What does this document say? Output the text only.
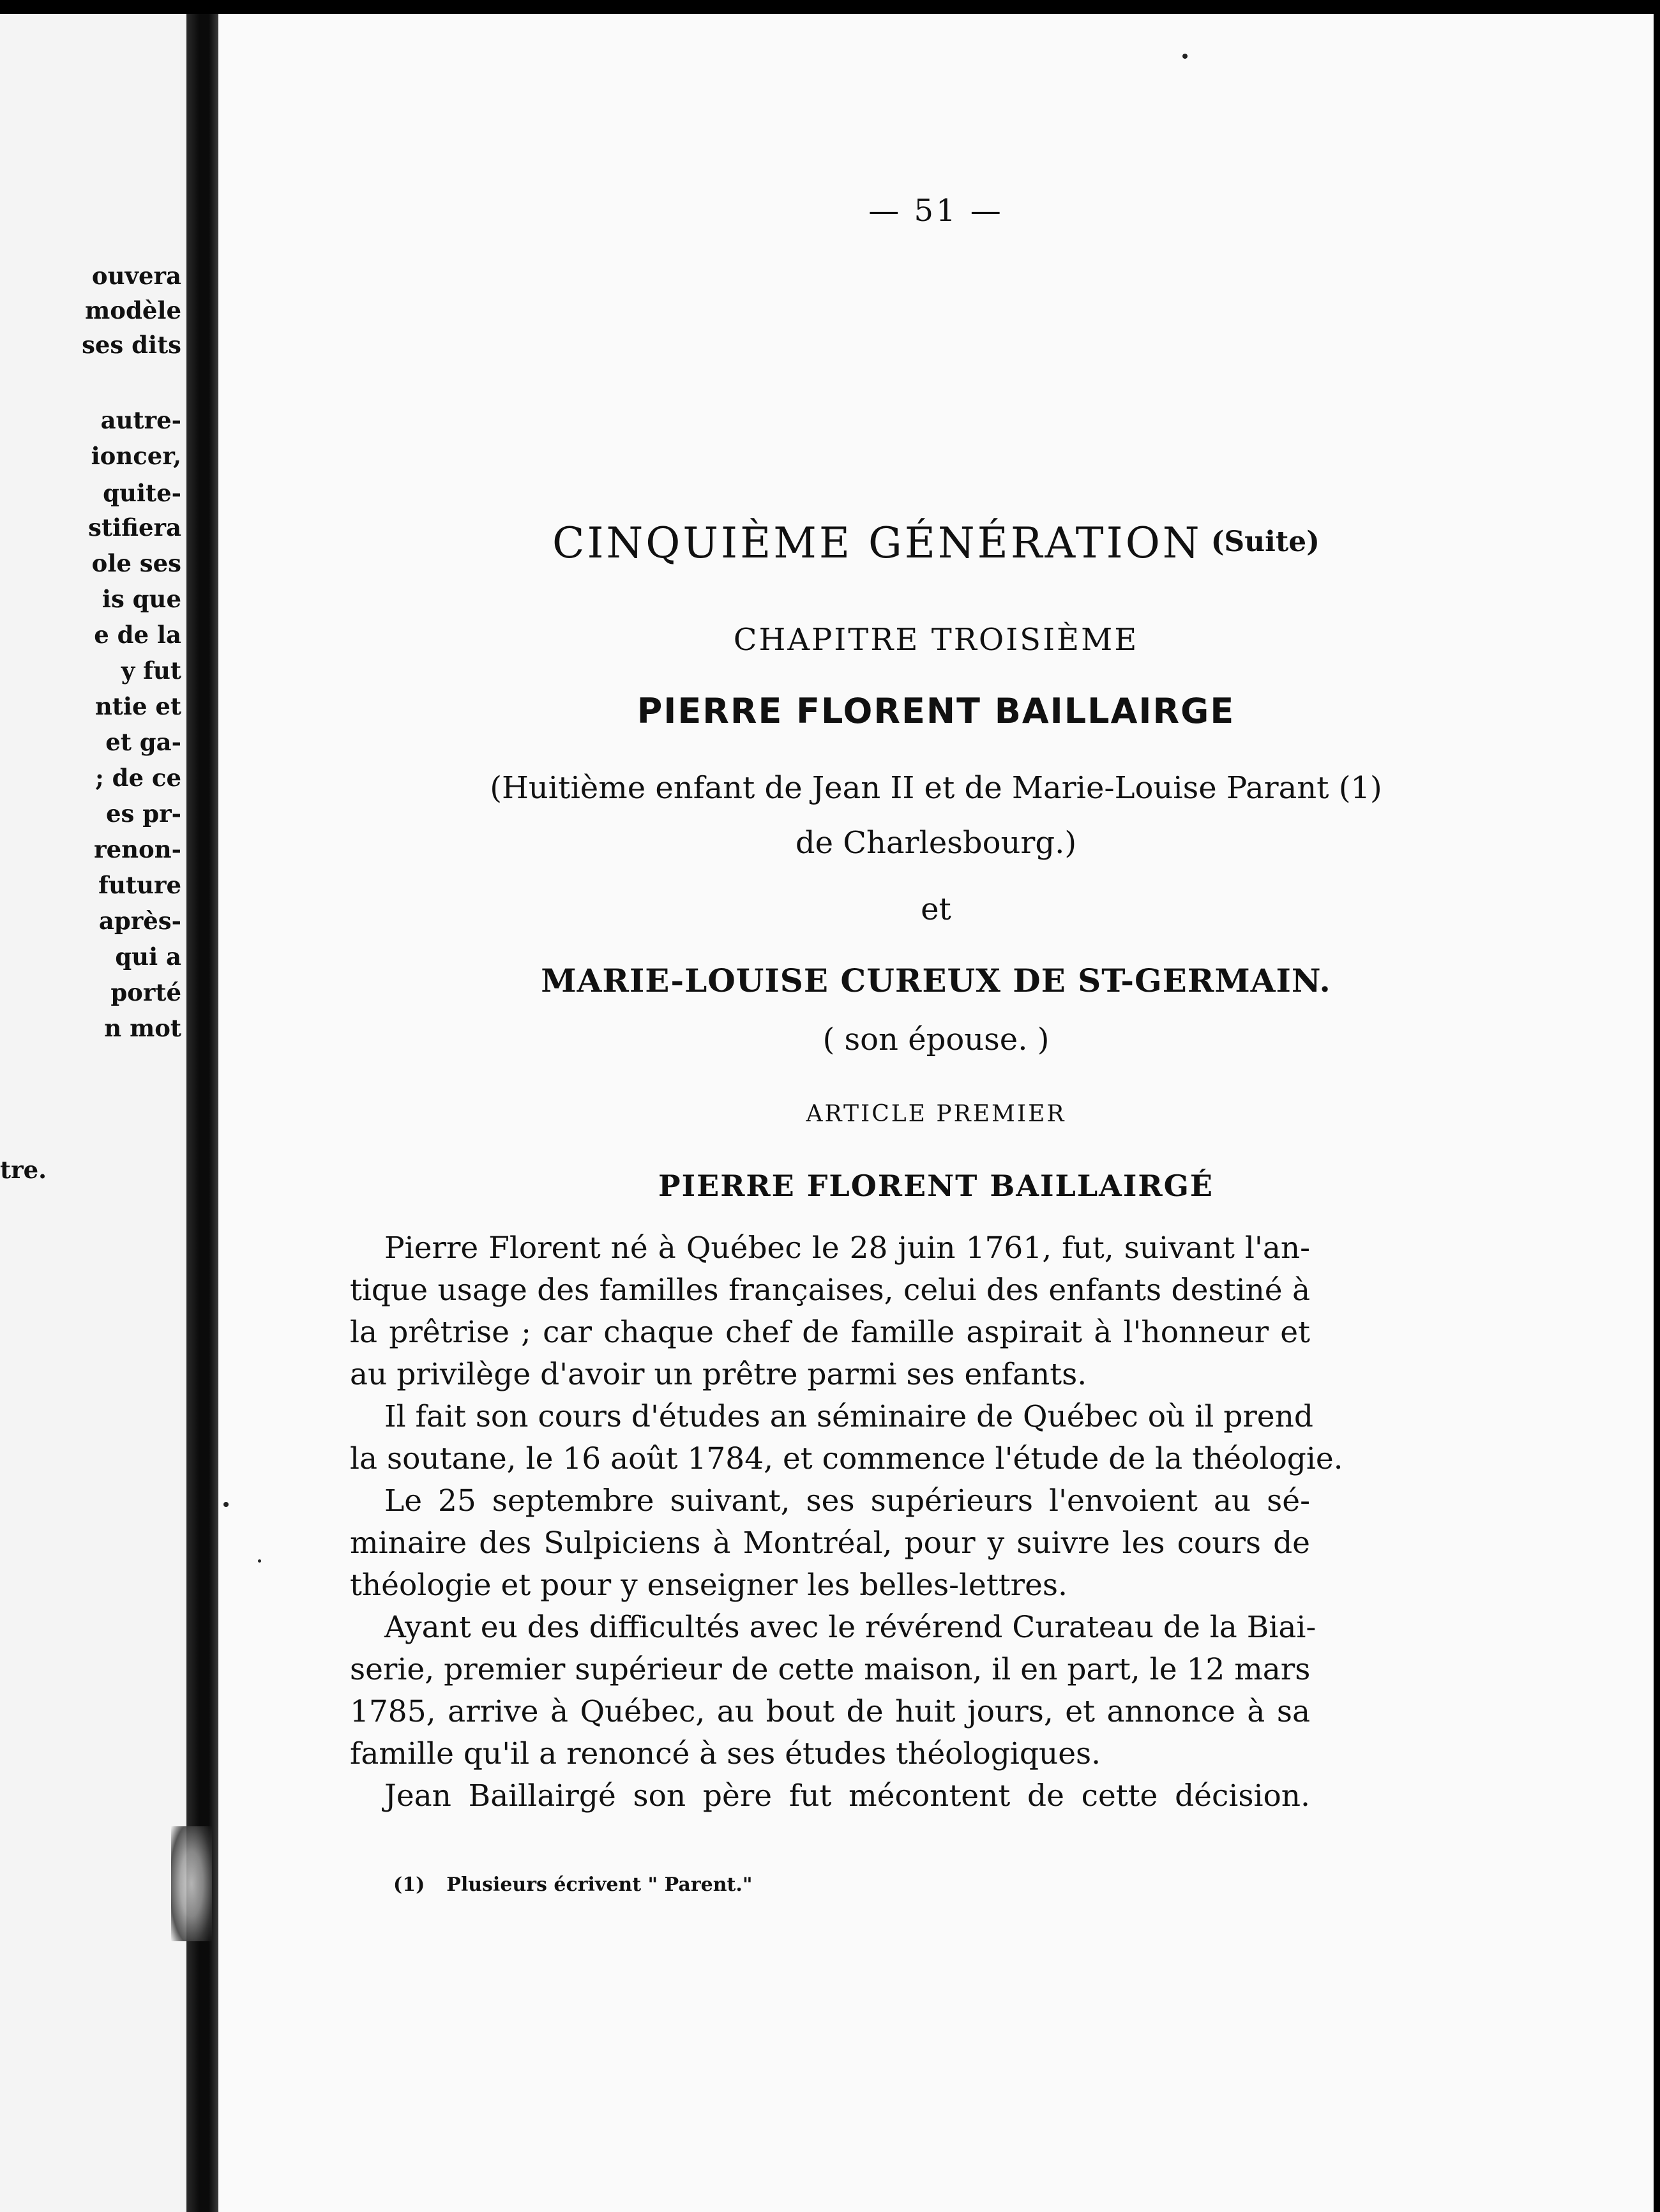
ouvera
modèle
ses dits
autre-
ioncer,
quite-
stifiera
ole ses
is que
e de la
y fut
ntie et
et ga-
; de ce
es pr-
renon-
future
après-
qui a
porté
n mot
tre.
— 51 —
CINQUIÈME GÉNÉRATION (Suite)
CHAPITRE TROISIÈME
PIERRE FLORENT BAILLAIRGE
(Huitième enfant de Jean II et de Marie-Louise Parant (1)
de Charlesbourg.)
et
MARIE-LOUISE CUREUX DE ST-GERMAIN.
( son épouse. )
ARTICLE PREMIER
PIERRE FLORENT BAILLAIRGÉ
Pierre Florent né à Québec le 28 juin 1761, fut, suivant l'an-
tique usage des familles françaises, celui des enfants destiné à
la prêtrise ; car chaque chef de famille aspirait à l'honneur et
au privilège d'avoir un prêtre parmi ses enfants.
Il fait son cours d'études an séminaire de Québec où il prend
la soutane, le 16 août 1784, et commence l'étude de la théologie.
Le 25 septembre suivant, ses supérieurs l'envoient au sé-
minaire des Sulpiciens à Montréal, pour y suivre les cours de
théologie et pour y enseigner les belles-lettres.
Ayant eu des difficultés avec le révérend Curateau de la Biai-
serie, premier supérieur de cette maison, il en part, le 12 mars
1785, arrive à Québec, au bout de huit jours, et annonce à sa
famille qu'il a renoncé à ses études théologiques.
Jean Baillairgé son père fut mécontent de cette décision.
(1) Plusieurs écrivent " Parent."
